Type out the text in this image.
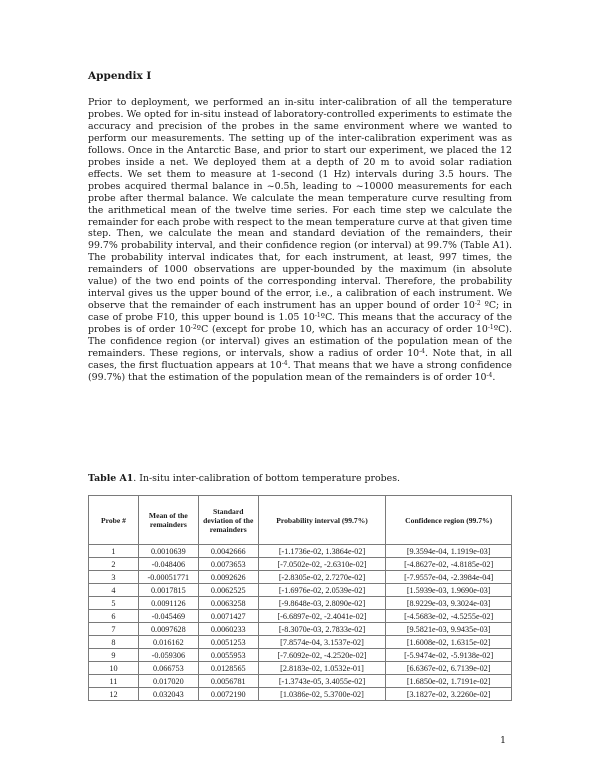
Appendix I

Prior to deployment, we performed an in-situ inter-calibration of all the temperature probes. We opted for in-situ instead of laboratory-controlled experiments to estimate the accuracy and precision of the probes in the same environment where we wanted to perform our measurements. The setting up of the inter-calibration experiment was as follows. Once in the Antarctic Base, and prior to start our experiment, we placed the 12 probes inside a net. We deployed them at a depth of 20 m to avoid solar radiation effects. We set them to measure at 1-second (1 Hz) intervals during 3.5 hours. The probes acquired thermal balance in ~0.5h, leading to ~10000 measurements for each probe after thermal balance. We calculate the mean temperature curve resulting from the arithmetical mean of the twelve time series. For each time step we calculate the remainder for each probe with respect to the mean temperature curve at that given time step. Then, we calculate the mean and standard deviation of the remainders, their 99.7% probability interval, and their confidence region (or interval) at 99.7% (Table A1). The probability interval indicates that, for each instrument, at least, 997 times, the remainders of 1000 observations are upper-bounded by the maximum (in absolute value) of the two end points of the corresponding interval. Therefore, the probability interval gives us the upper bound of the error, i.e., a calibration of each instrument. We observe that the remainder of each instrument has an upper bound of order $10^{-2}$ ºC; in case of probe F10, this upper bound is 1.05 $10^{-1}ºC$. This means that the accuracy of the probes is of order $10^{-2}ºC$ (except for probe 10, which has an accuracy of order $10^{-1}ºC$). The confidence region (or interval) gives an estimation of the population mean of the remainders. These regions, or intervals, show a radius of order $10^{-4}$. Note that, in all cases, the first fluctuation appears at $10^{-4}$. That means that we have a strong confidence (99.7%) that the estimation of the population mean of the remainders is of order $10^{-4}$.

Table A1. In-situ inter-calibration of bottom temperature probes.
Probe #	Mean of the remainders	Standard deviation of the remainders	Probability interval (99.7%)	Confidence region (99.7%)
1	0.0010639	0.0042666	[-1.1736e-02, 1.3864e-02]	[9.3594e-04, 1.1919e-03]
2	-0.048406	0.0073653	[-7.0502e-02, -2.6310e-02]	[-4.8627e-02, -4.8185e-02]
3	-0.00051771	0.0092626	[-2.8305e-02, 2.7270e-02]	[-7.9557e-04, -2.3984e-04]
4	0.0017815	0.0062525	[-1.6976e-02, 2.0539e-02]	[1.5939e-03, 1.9690e-03]
5	0.0091126	0.0063258	[-9.8648e-03, 2.8090e-02]	[8.9229e-03, 9.3024e-03]
6	-0.045469	0.0071427	[-6.6897e-02, -2.4041e-02]	[-4.5683e-02, -4.5255e-02]
7	0.0097628	0.0060233	[-8.3070e-03, 2.7833e-02]	[9.5821e-03, 9.9435e-03]
8	0.016162	0.0051253	[7.8574e-04, 3.1537e-02]	[1.6008e-02, 1.6315e-02]
9	-0.059306	0.0055953	[-7.6092e-02, -4.2520e-02]	[-5.9474e-02, -5.9138e-02]
10	0.066753	0.0128565	[2.8183e-02, 1.0532e-01]	[6.6367e-02, 6.7139e-02]
11	0.017020	0.0056781	[-1.3743e-05, 3.4055e-02]	[1.6850e-02, 1.7191e-02]
12	0.032043	0.0072190	[1.0386e-02, 5.3700e-02]	[3.1827e-02, 3.2260e-02]
1
